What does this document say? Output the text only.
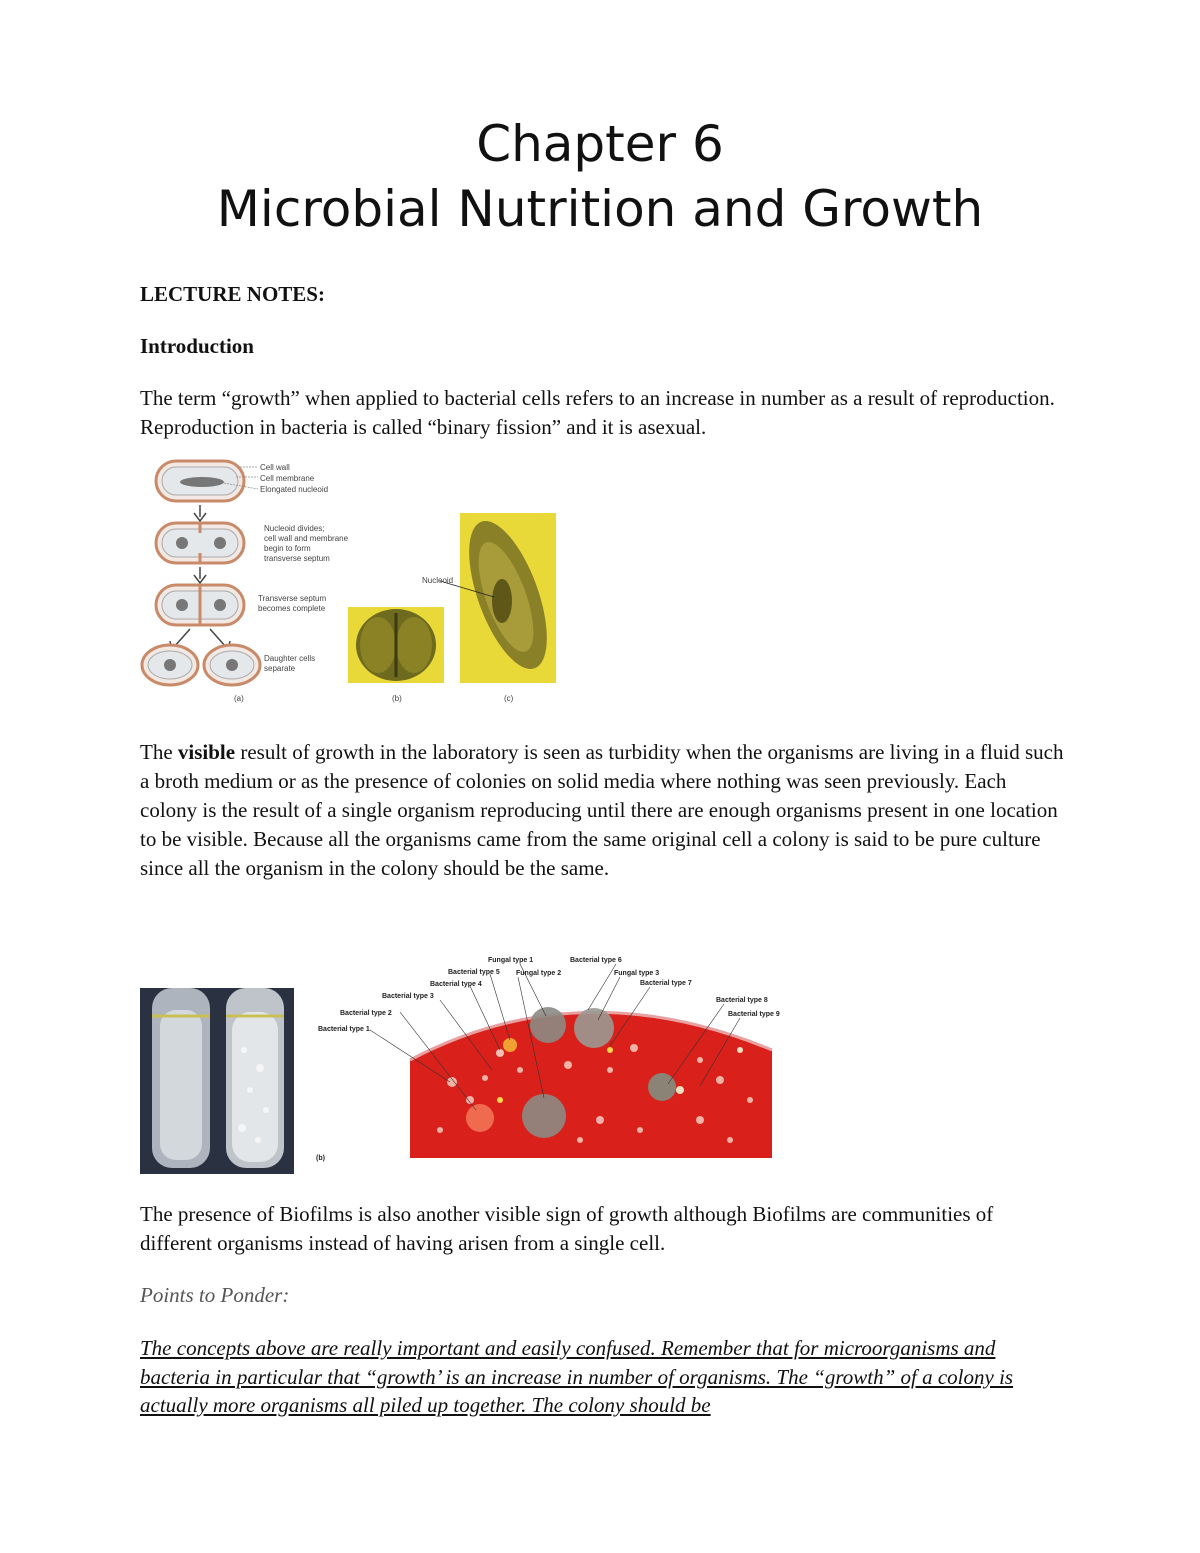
Chapter 6
Microbial Nutrition and Growth
LECTURE NOTES:
Introduction
The term “growth” when applied to bacterial cells refers to an increase in number as a result of reproduction. Reproduction in bacteria is called “binary fission” and it is asexual.
Cell wall
Cell membrane
Elongated nucleoid
Nucleoid divides;
cell wall and membrane
begin to form
transverse septum
Transverse septum
becomes complete
Daughter cells
separate
(a)	(b)
Nucleoid
(c)
The visible result of growth in the laboratory is seen as turbidity when the organisms are living in a fluid such a broth medium or as the presence of colonies on solid media where nothing was seen previously. Each colony is the result of a single organism reproducing until there are enough organisms present in one location to be visible. Because all the organisms came from the same original cell a colony is said to be pure culture since all the organism in the colony should be the same.
(b)
Fungal type 1	Bacterial type 6
Bacterial type 5 Fungal type 2	Fungal type 3
Bacterial type 4	Bacterial type 7
Bacterial type 3
Bacterial type 8
Bacterial type 2	Bacterial type 9
Bacterial type 1
The presence of Biofilms is also another visible sign of growth although Biofilms are communities of different organisms instead of having arisen from a single cell.
Points to Ponder:
The concepts above are really important and easily confused. Remember that for microorganisms and bacteria in particular that “growth’ is an increase in number of organisms. The “growth” of a colony is actually more organisms all piled up together. The colony should be
